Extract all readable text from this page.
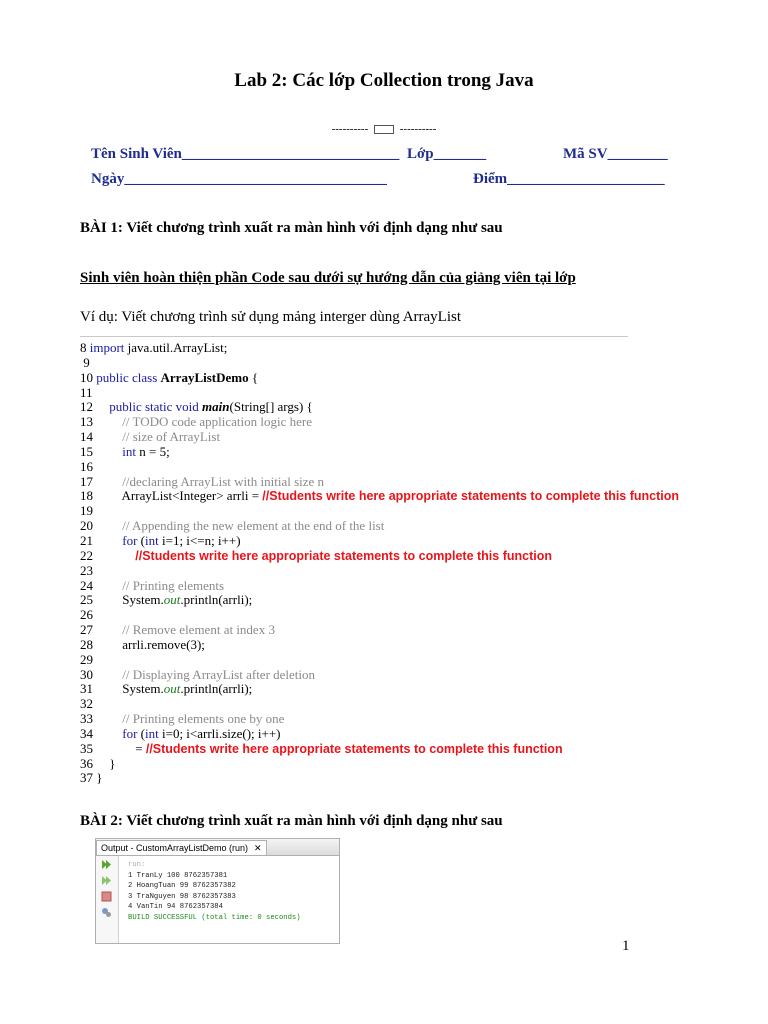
Lab 2: Các lớp Collection trong Java
----------	----------
Tên Sinh Viên_____________________________ Lớp_______	Mã SV________
Ngày___________________________________	Điểm_____________________
BÀI 1: Viết chương trình xuất ra màn hình với định dạng như sau
Sinh viên hoàn thiện phần Code sau dưới sự hướng dẫn của giảng viên tại lớp
Ví dụ: Viết chương trình sử dụng mảng interger dùng ArrayList
8 import java.util.ArrayList;
9
10 public class ArrayListDemo {
11
12     public static void main(String[] args) {
13         // TODO code application logic here
14         // size of ArrayList
15         int n = 5;
16
17         //declaring ArrayList with initial size n
18         ArrayList<Integer> arrli = //Students write here appropriate statements to complete this function
19
20         // Appending the new element at the end of the list
21         for (int i=1; i<=n; i++)
22             //Students write here appropriate statements to complete this function
23
24         // Printing elements
25         System.out.println(arrli);
26
27         // Remove element at index 3
28         arrli.remove(3);
29
30         // Displaying ArrayList after deletion
31         System.out.println(arrli);
32
33         // Printing elements one by one
34         for (int i=0; i<arrli.size(); i++)
35             = //Students write here appropriate statements to complete this function
36     }
37 }
BÀI 2: Viết chương trình xuất ra màn hình với định dạng như sau
Output - CustomArrayListDemo (run) ✕
run:
1 TranLy 100 8762357381
2 HoangTuan 99 8762357382
3 TraNguyen 98 8762357383
4 VanTin 94 8762357384
BUILD SUCCESSFUL (total time: 0 seconds)
1
